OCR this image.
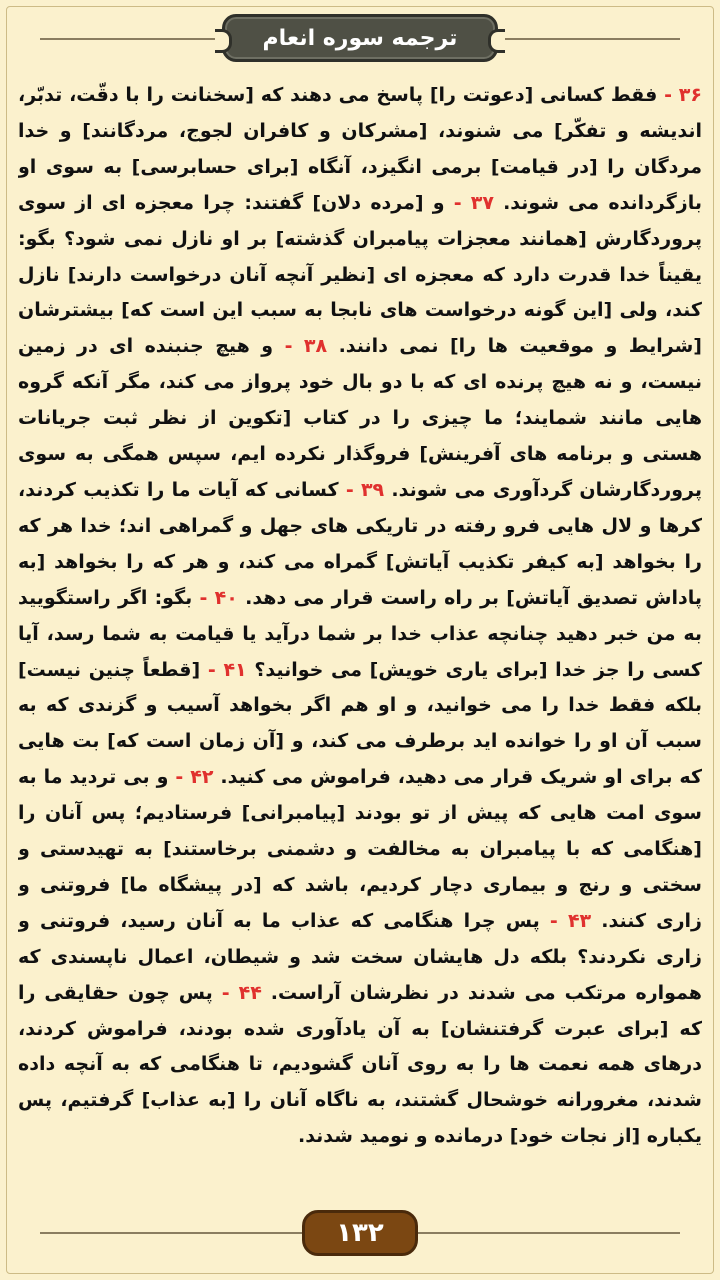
ترجمه سوره انعام
۳۶ - فقط کسانی [دعوتت را] پاسخ می دهند که [سخنانت را با دقّت، تدبّر، اندیشه و تفکّر] می شنوند، [مشرکان و کافران لجوج، مردگانند] و خدا مردگان را [در قیامت] برمی انگیزد، آنگاه [برای حسابرسی] به سوی او بازگردانده می شوند. ۳۷ - و [مرده دلان] گفتند: چرا معجزه ای از سوی پروردگارش [همانند معجزات پیامبران گذشته] بر او نازل نمی شود؟ بگو: یقیناً خدا قدرت دارد که معجزه ای [نظیر آنچه آنان درخواست دارند] نازل کند، ولی [این گونه درخواست های نابجا به سبب این است که] بیشترشان [شرایط و موقعیت ها را] نمی دانند. ۳۸ - و هیچ جنبنده ای در زمین نیست، و نه هیچ پرنده ای که با دو بال خود پرواز می کند، مگر آنکه گروه هایی مانند شمایند؛ ما چیزی را در کتاب [تکوین از نظر ثبت جریانات هستی و برنامه های آفرینش] فروگذار نکرده ایم، سپس همگی به سوی پروردگارشان گردآوری می شوند. ۳۹ - کسانی که آیات ما را تکذیب کردند، کرها و لال هایی فرو رفته در تاریکی های جهل و گمراهی اند؛ خدا هر که را بخواهد [به کیفر تکذیب آیاتش] گمراه می کند، و هر که را بخواهد [به پاداش تصدیق آیاتش] بر راه راست قرار می دهد. ۴۰ - بگو: اگر راستگویید به من خبر دهید چنانچه عذاب خدا بر شما درآید یا قیامت به شما رسد، آیا کسی را جز خدا [برای یاری خویش] می خوانید؟ ۴۱ - [قطعاً چنین نیست] بلکه فقط خدا را می خوانید، و او هم اگر بخواهد آسیب و گزندی که به سبب آن او را خوانده اید برطرف می کند، و [آن زمان است که] بت هایی که برای او شریک قرار می دهید، فراموش می کنید. ۴۲ - و بی تردید ما به سوی امت هایی که پیش از تو بودند [پیامبرانی] فرستادیم؛ پس آنان را [هنگامی که با پیامبران به مخالفت و دشمنی برخاستند] به تهیدستی و سختی و رنج و بیماری دچار کردیم، باشد که [در پیشگاه ما] فروتنی و زاری کنند. ۴۳ - پس چرا هنگامی که عذاب ما به آنان رسید، فروتنی و زاری نکردند؟ بلکه دل هایشان سخت شد و شیطان، اعمال ناپسندی که همواره مرتکب می شدند در نظرشان آراست. ۴۴ - پس چون حقایقی را که [برای عبرت گرفتنشان] به آن یادآوری شده بودند، فراموش کردند، درهای همه نعمت ها را به روی آنان گشودیم، تا هنگامی که به آنچه داده شدند، مغرورانه خوشحال گشتند، به ناگاه آنان را [به عذاب] گرفتیم، پس یکباره [از نجات خود] درمانده و نومید شدند.
۱۳۲
